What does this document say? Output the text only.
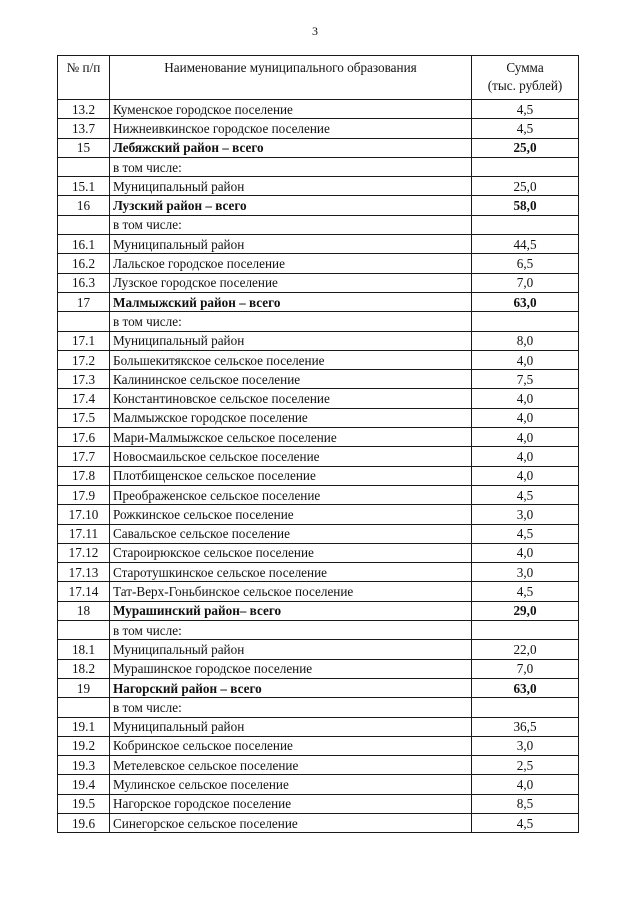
3
№ п/п	Наименование муниципального образования	Сумма
(тыс. рублей)

13.2	Куменское городское поселение	4,5
13.7	Нижнеивкинское городское поселение	4,5
15	Лебяжский район – всего	25,0
	в том числе:	
15.1	Муниципальный район	25,0
16	Лузский район – всего	58,0
	в том числе:	
16.1	Муниципальный район	44,5
16.2	Лальское городское поселение	6,5
16.3	Лузское городское поселение	7,0
17	Малмыжский район – всего	63,0
	в том числе:	
17.1	Муниципальный район	8,0
17.2	Большекитякское сельское поселение	4,0
17.3	Калининское сельское поселение	7,5
17.4	Константиновское сельское поселение	4,0
17.5	Малмыжское городское поселение	4,0
17.6	Мари-Малмыжское сельское поселение	4,0
17.7	Новосмаильское сельское поселение	4,0
17.8	Плотбищенское сельское поселение	4,0
17.9	Преображенское сельское поселение	4,5
17.10	Рожкинское сельское поселение	3,0
17.11	Савальское сельское поселение	4,5
17.12	Староирюкское сельское поселение	4,0
17.13	Старотушкинское сельское поселение	3,0
17.14	Тат-Верх-Гоньбинское сельское поселение	4,5
18	Мурашинский район– всего	29,0
	в том числе:	
18.1	Муниципальный район	22,0
18.2	Мурашинское городское поселение	7,0
19	Нагорский район – всего	63,0
	в том числе:	
19.1	Муниципальный район	36,5
19.2	Кобринское сельское поселение	3,0
19.3	Метелевское сельское поселение	2,5
19.4	Мулинское сельское поселение	4,0
19.5	Нагорское городское поселение	8,5
19.6	Синегорское сельское поселение	4,5
